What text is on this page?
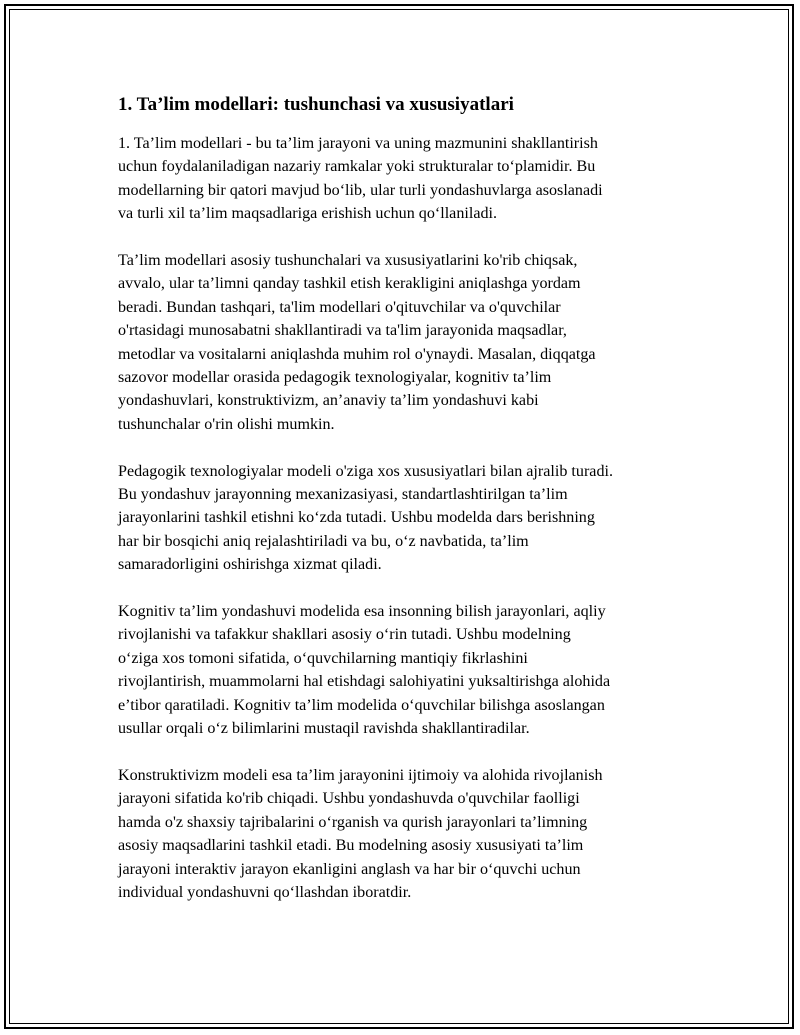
1. Ta’lim modellari: tushunchasi va xususiyatlari
1. Ta’lim modellari - bu ta’lim jarayoni va uning mazmunini shakllantirish
uchun foydalaniladigan nazariy ramkalar yoki strukturalar to‘plamidir. Bu
modellarning bir qatori mavjud bo‘lib, ular turli yondashuvlarga asoslanadi
va turli xil ta’lim maqsadlariga erishish uchun qo‘llaniladi.
Ta’lim modellari asosiy tushunchalari va xususiyatlarini ko'rib chiqsak,
avvalo, ular ta’limni qanday tashkil etish kerakligini aniqlashga yordam
beradi. Bundan tashqari, ta'lim modellari o'qituvchilar va o'quvchilar
o'rtasidagi munosabatni shakllantiradi va ta'lim jarayonida maqsadlar,
metodlar va vositalarni aniqlashda muhim rol o'ynaydi. Masalan, diqqatga
sazovor modellar orasida pedagogik texnologiyalar, kognitiv ta’lim
yondashuvlari, konstruktivizm, an’anaviy ta’lim yondashuvi kabi
tushunchalar o'rin olishi mumkin.
Pedagogik texnologiyalar modeli o'ziga xos xususiyatlari bilan ajralib turadi.
Bu yondashuv jarayonning mexanizasiyasi, standartlashtirilgan ta’lim
jarayonlarini tashkil etishni ko‘zda tutadi. Ushbu modelda dars berishning
har bir bosqichi aniq rejalashtiriladi va bu, o‘z navbatida, ta’lim
samaradorligini oshirishga xizmat qiladi.
Kognitiv ta’lim yondashuvi modelida esa insonning bilish jarayonlari, aqliy
rivojlanishi va tafakkur shakllari asosiy o‘rin tutadi. Ushbu modelning
o‘ziga xos tomoni sifatida, o‘quvchilarning mantiqiy fikrlashini
rivojlantirish, muammolarni hal etishdagi salohiyatini yuksaltirishga alohida
e’tibor qaratiladi. Kognitiv ta’lim modelida o‘quvchilar bilishga asoslangan
usullar orqali o‘z bilimlarini mustaqil ravishda shakllantiradilar.
Konstruktivizm modeli esa ta’lim jarayonini ijtimoiy va alohida rivojlanish
jarayoni sifatida ko'rib chiqadi. Ushbu yondashuvda o'quvchilar faolligi
hamda o'z shaxsiy tajribalarini o‘rganish va qurish jarayonlari ta’limning
asosiy maqsadlarini tashkil etadi. Bu modelning asosiy xususiyati ta’lim
jarayoni interaktiv jarayon ekanligini anglash va har bir o‘quvchi uchun
individual yondashuvni qo‘llashdan iboratdir.
